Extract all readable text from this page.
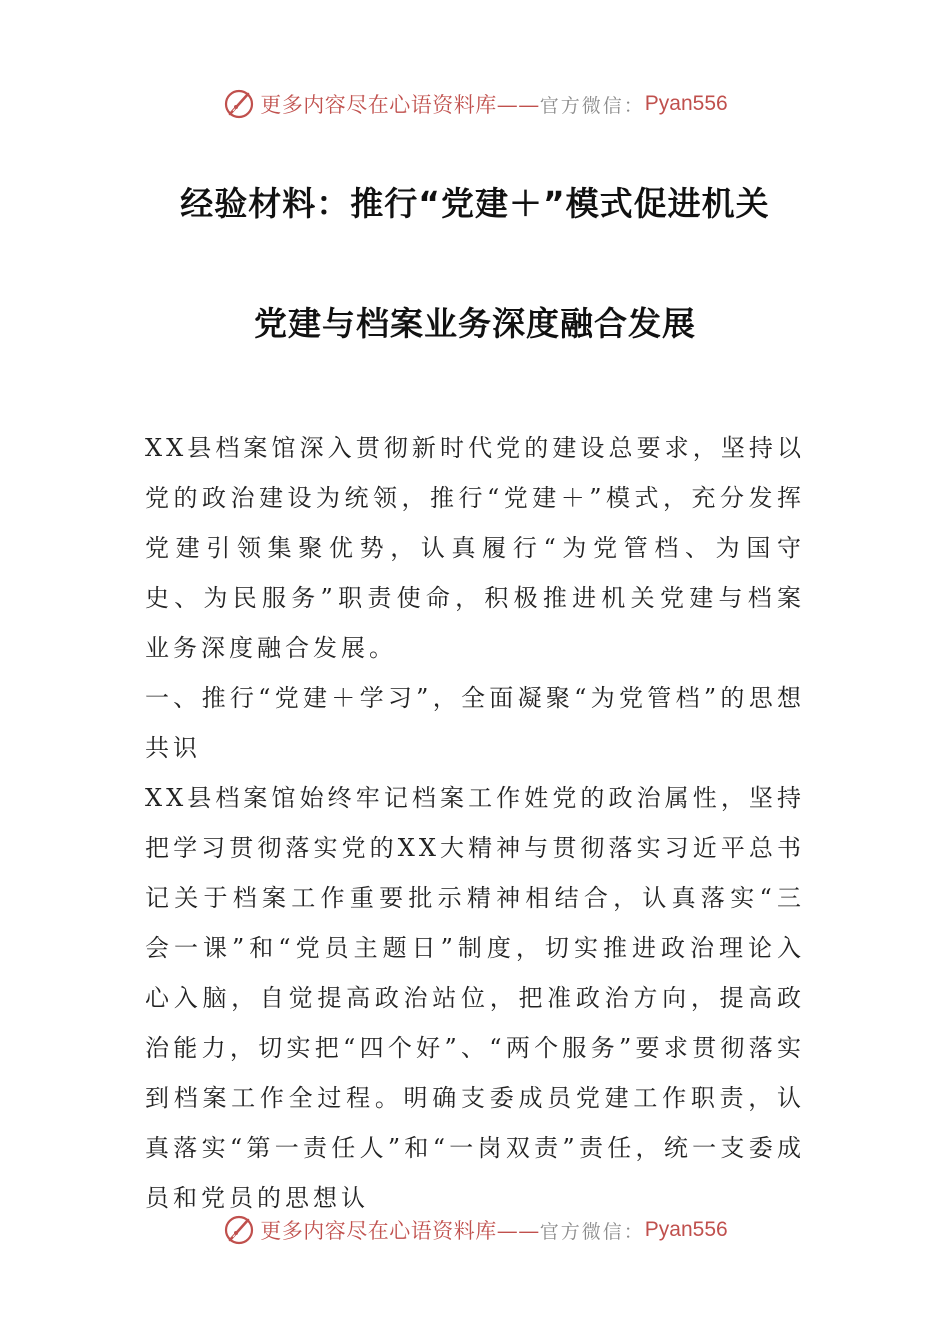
更多内容尽在心语资料库—— 官方微信： Pyan556
经验材料：推行“党建＋”模式促进机关
党建与档案业务深度融合发展

XX县档案馆深入贯彻新时代党的建设总要求，坚持以党的政治建设为统领，推行“党建＋”模式，充分发挥党建引领集聚优势，认真履行“为党管档、为国守史、为民服务”职责使命，积极推进机关党建与档案业务深度融合发展。

一、推行“党建＋学习”，全面凝聚“为党管档”的思想共识

XX县档案馆始终牢记档案工作姓党的政治属性，坚持把学习贯彻落实党的XX大精神与贯彻落实习近平总书记关于档案工作重要批示精神相结合，认真落实“三会一课”和“党员主题日”制度，切实推进政治理论入心入脑，自觉提高政治站位，把准政治方向，提高政治能力，切实把“四个好”、“两个服务”要求贯彻落实到档案工作全过程。明确支委成员党建工作职责，认真落实“第一责任人”和“一岗双责”责任，统一支委成员和党员的思想认

更多内容尽在心语资料库—— 官方微信： Pyan556
